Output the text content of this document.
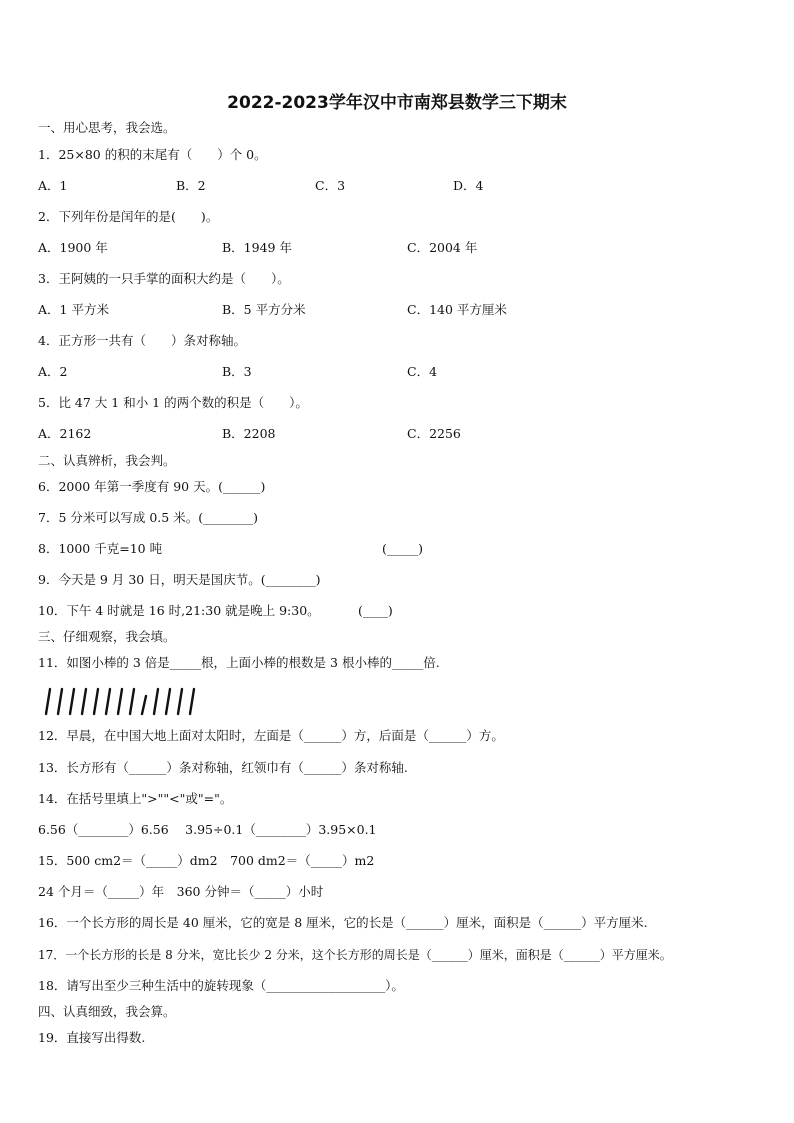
2022-2023学年汉中市南郑县数学三下期末
一、用心思考，我会选。
1．25×80 的积的末尾有（　　）个 0。
A．1	B．2	C．3	D．4
2．下列年份是闰年的是(　　)。
A．1900 年	B．1949 年	C．2004 年
3．王阿姨的一只手掌的面积大约是（　　）。
A．1 平方米	B．5 平方分米	C．140 平方厘米
4．正方形一共有（　　）条对称轴。
A．2	B．3	C．4
5．比 47 大 1 和小 1 的两个数的积是（　　）。
A．2162	B．2208	C．2256
二、认真辨析，我会判。
6．2000 年第一季度有 90 天。(______)
7．5 分米可以写成 0.5 米。(________)
8．1000 千克=10 吨	(_____)
9．今天是 9 月 30 日，明天是国庆节。(________)
10．下午 4 时就是 16 时,21:30 就是晚上 9:30。	(____)
三、仔细观察，我会填。
11．如图小棒的 3 倍是_____根，上面小棒的根数是 3 根小棒的_____倍.
12．早晨，在中国大地上面对太阳时，左面是（______）方，后面是（______）方。
13．长方形有（______）条对称轴，红领巾有（______）条对称轴.
14．在括号里填上">""<"或"="。
6.56（________）6.56　 3.95÷0.1（________）3.95×0.1
15．500 cm2＝（_____）dm2　700 dm2＝（_____）m2
24 个月＝（_____）年　360 分钟＝（_____）小时
16．一个长方形的周长是 40 厘米，它的宽是 8 厘米，它的长是（______）厘米，面积是（______）平方厘米.
17．一个长方形的长是 8 分米，宽比长少 2 分米，这个长方形的周长是（______）厘米，面积是（______）平方厘米。
18．请写出至少三种生活中的旋转现象（___________________）。
四、认真细致，我会算。
19．直接写出得数.
